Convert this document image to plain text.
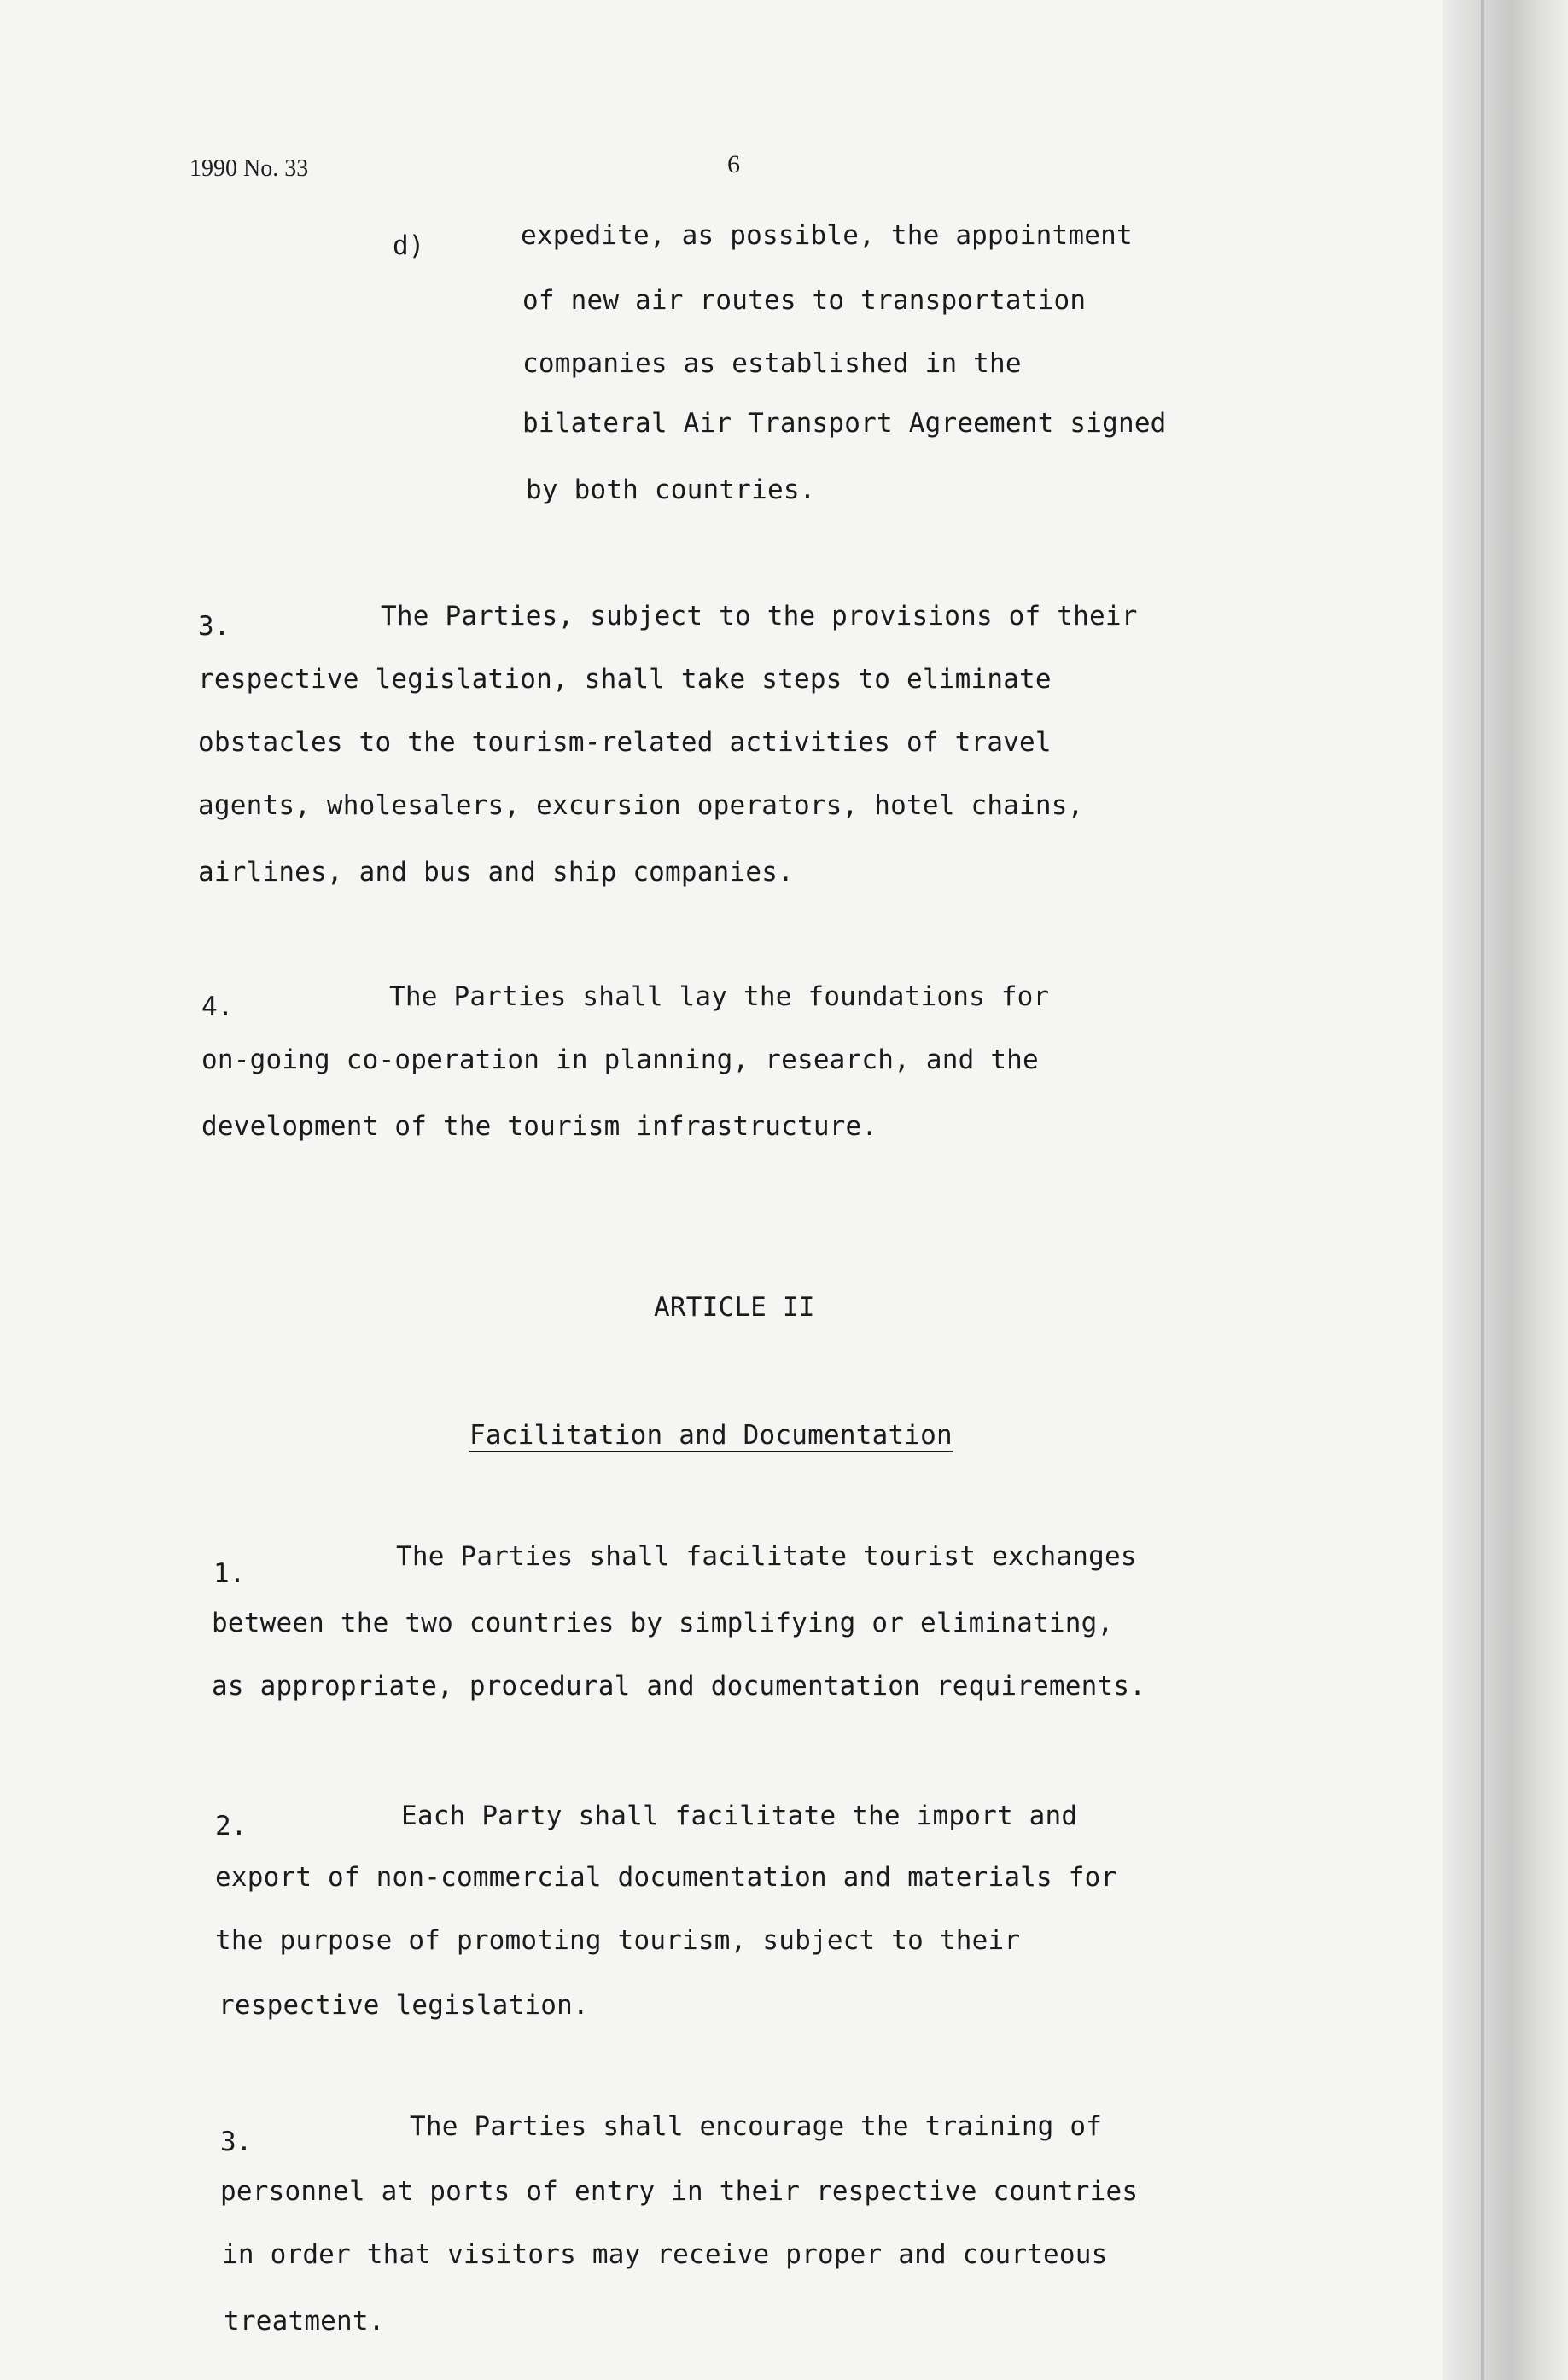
1990 No. 33	6
d)	expedite, as possible, the appointment
of new air routes to transportation
companies as established in the
bilateral Air Transport Agreement signed
by both countries.
3.	The Parties, subject to the provisions of their
respective legislation, shall take steps to eliminate
obstacles to the tourism-related activities of travel
agents, wholesalers, excursion operators, hotel chains,
airlines, and bus and ship companies.
4.	The Parties shall lay the foundations for
on-going co-operation in planning, research, and the
development of the tourism infrastructure.
ARTICLE II
Facilitation and Documentation
1.
The Parties shall facilitate tourist exchanges
between the two countries by simplifying or eliminating,
as appropriate, procedural and documentation requirements.
2.	Each Party shall facilitate the import and
export of non-commercial documentation and materials for
the purpose of promoting tourism, subject to their
respective legislation.
3.	The Parties shall encourage the training of
personnel at ports of entry in their respective countries
in order that visitors may receive proper and courteous
treatment.
